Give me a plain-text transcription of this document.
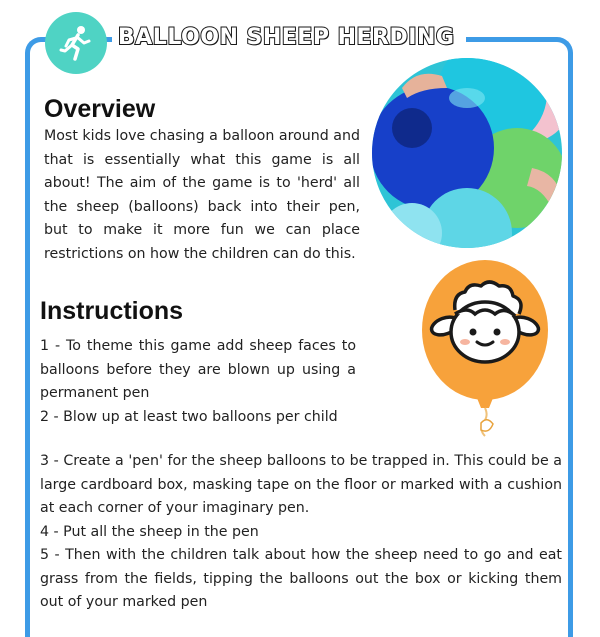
BALLOON SHEEP HERDING
Overview

Most kids love chasing a balloon around and that is essentially what this game is all about! The aim of the game is to 'herd' all the sheep (balloons) back into their pen, but to make it more fun we can place restrictions on how the children can do this.

Instructions

1 - To theme this game add sheep faces to balloons before they are blown up using a permanent pen

2 - Blow up at least two balloons per child

3 - Create a 'pen' for the sheep balloons to be trapped in. This could be a large cardboard box, masking tape on the floor or marked with a cushion at each corner of your imaginary pen.

4 - Put all the sheep in the pen

5 - Then with the children talk about how the sheep need to go and eat grass from the fields, tipping the balloons out the box or kicking them out of your marked pen
